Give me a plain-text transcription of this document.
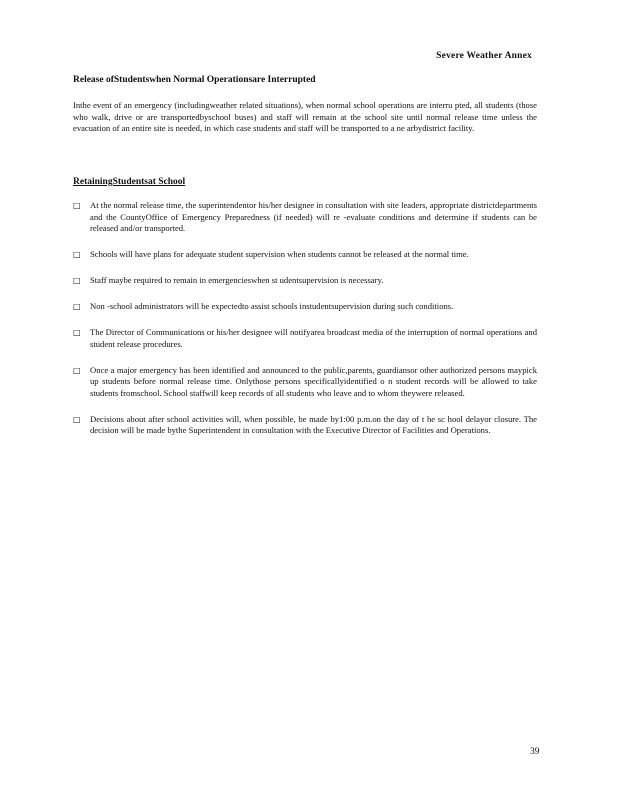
Severe Weather Annex
Release ofStudentswhen Normal Operationsare Interrupted
Inthe event of an emergency (includingweather related situations), when normal school operations are interru pted, all students (those who walk, drive or are transportedbyschool buses) and staff will remain at the school site until normal release time unless the evacuation of an entire site is needed, in which case students and staff will be transported to a ne arbydistrict facility.
RetainingStudentsat School
□	At the normal release time, the superintendentor his/her designee in consultation with site leaders, appropriate districtdepartments and the CountyOffice of Emergency Preparedness (if needed) will re -evaluate conditions and determine if students can be released and/or transported.
□	Schools will have plans for adequate student supervision when students cannot be released at the normal time.
□	Staff maybe required to remain in emergencieswhen st udentsupervision is necessary.
□	Non -school administrators will be expectedto assist schools instudentsupervision during such conditions.
□	The Director of Communications or his/her designee will notifyarea broadcast media of the interruption of normal operations and student release procedures.
□	Once a major emergency has been identified and announced to the public,parents, guardiansor other authorized persons maypick up students before normal release time. Onlythose persons specificallyidentified o n student records will be allowed to take students fromschool. School staffwill keep records of all students who leave and to whom theywere released.
□	Decisions about after school activities will, when possible, be made by1:00 p.m.on the day of t he sc hool delayor closure. The decision will be made bythe Superintendent in consultation with the Executive Director of Facilities and Operations.
39
